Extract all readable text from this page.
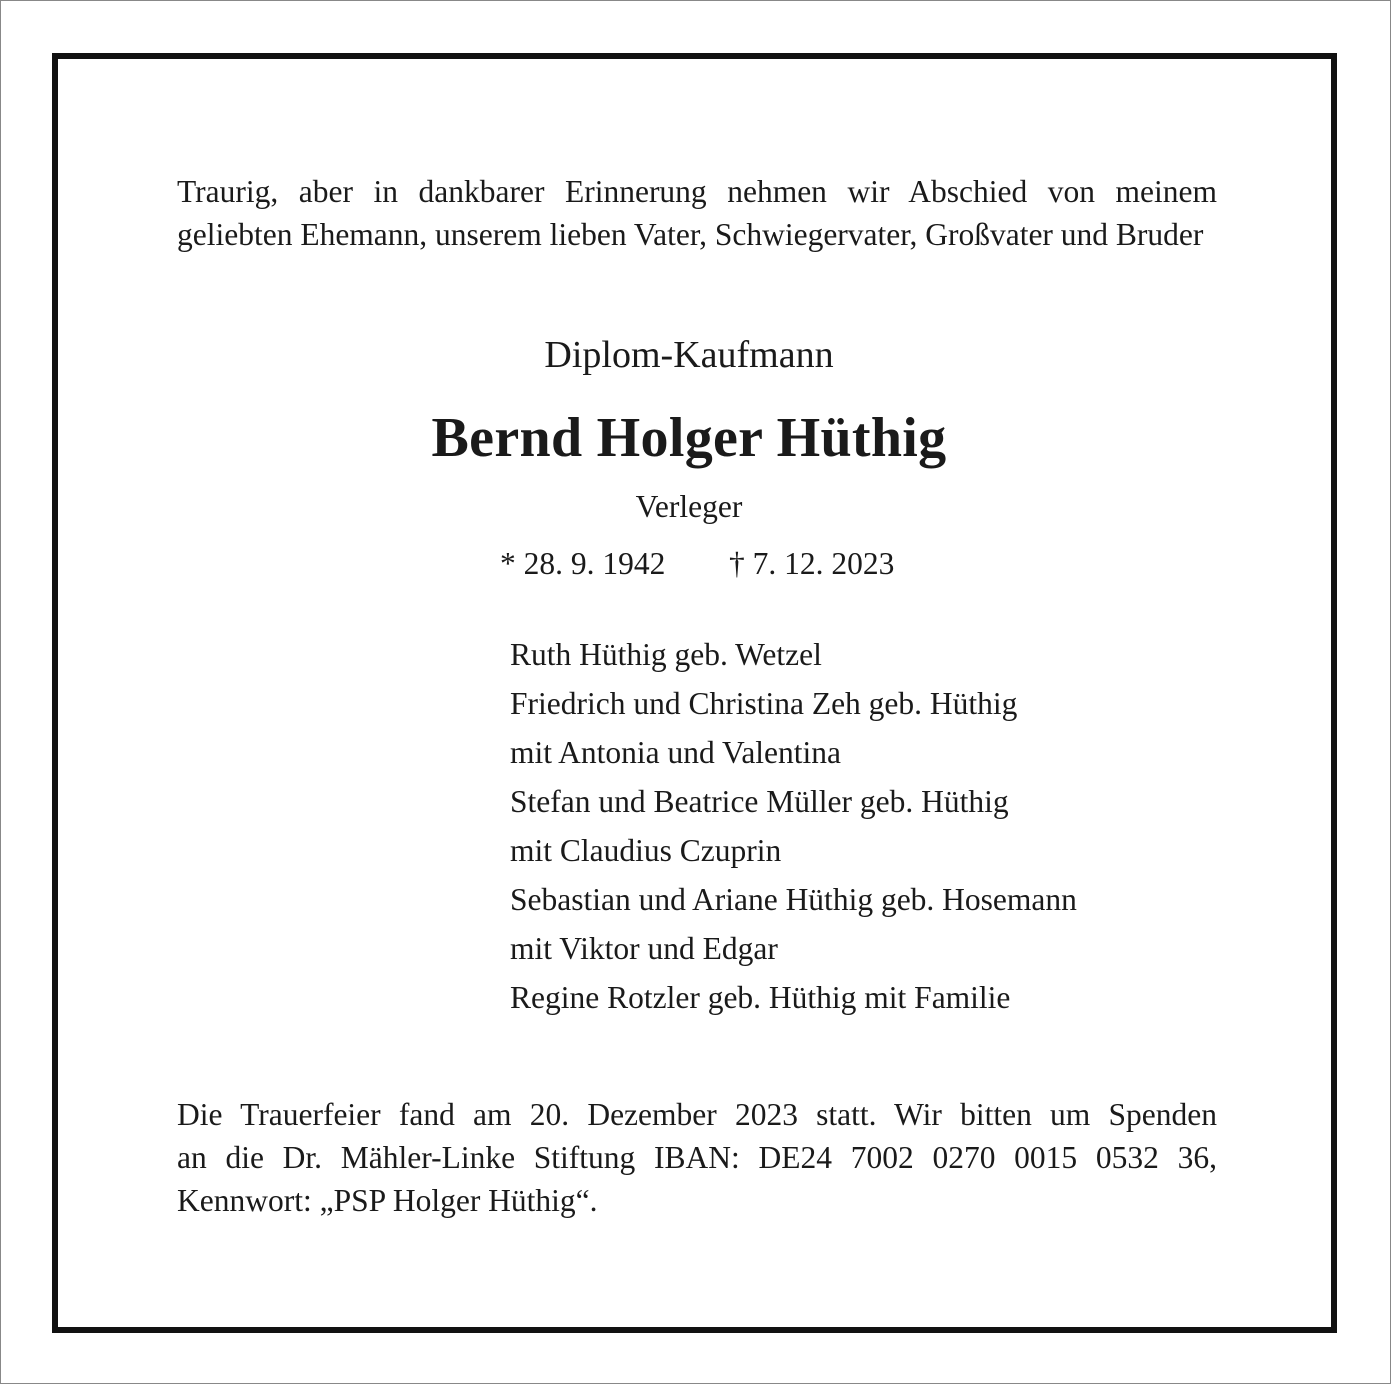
Traurig, aber in dankbarer Erinnerung nehmen wir Abschied von meinem geliebten Ehemann, unserem lieben Vater, Schwiegervater, Großvater und Bruder

Diplom-Kaufmann

Bernd Holger Hüthig

Verleger

* 28. 9. 1942 † 7. 12. 2023

Ruth Hüthig geb. Wetzel
Friedrich und Christina Zeh geb. Hüthig
mit Antonia und Valentina
Stefan und Beatrice Müller geb. Hüthig
mit Claudius Czuprin
Sebastian und Ariane Hüthig geb. Hosemann
mit Viktor und Edgar
Regine Rotzler geb. Hüthig mit Familie

Die Trauerfeier fand am 20. Dezember 2023 statt. Wir bitten um Spenden
an die Dr. Mähler-Linke Stiftung IBAN: DE24 7002 0270 0015 0532 36,
Kennwort: „PSP Holger Hüthig“.
